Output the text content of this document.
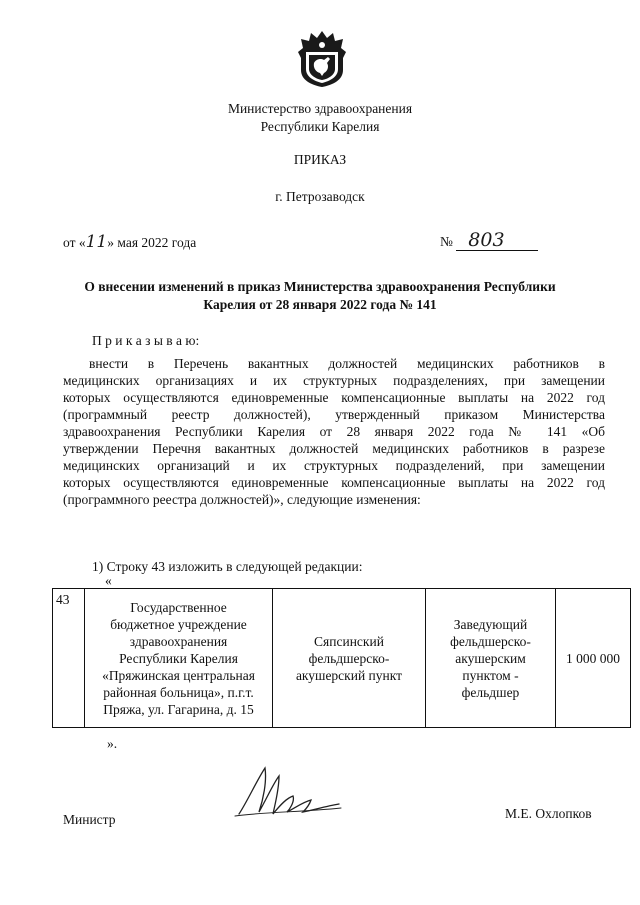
Министерство здравоохранения
Республики Карелия
ПРИКАЗ
г. Петрозаводск
от «11» мая 2022 года	№ 803
О внесении изменений в приказ Министерства здравоохранения Республики
Карелия от 28 января 2022 года № 141
П р и к а з ы в а ю:
внести в Перечень вакантных должностей медицинских работников в
медицинских организациях и их структурных подразделениях, при замещении
которых осуществляются единовременные компенсационные выплаты на 2022 год
(программный реестр должностей), утвержденный приказом Министерства
здравоохранения Республики Карелия от 28 января 2022 года № 141 «Об
утверждении Перечня вакантных должностей медицинских работников в разрезе
медицинских организаций и их структурных подразделений, при замещении
которых осуществляются единовременные компенсационные выплаты на 2022 год
(программного реестра должностей)», следующие изменения:
1) Строку 43 изложить в следующей редакции:
«
43	Государственное
бюджетное учреждение
здравоохранения
Республики Карелия
«Пряжинская центральная
районная больница», п.г.т.
Пряжа, ул. Гагарина, д. 15

Сяпсинский
фельдшерско-
акушерский пункт

Заведующий
фельдшерско-
акушерским
пунктом -
фельдшер
	1 000 000
».
Министр	М.Е. Охлопков
